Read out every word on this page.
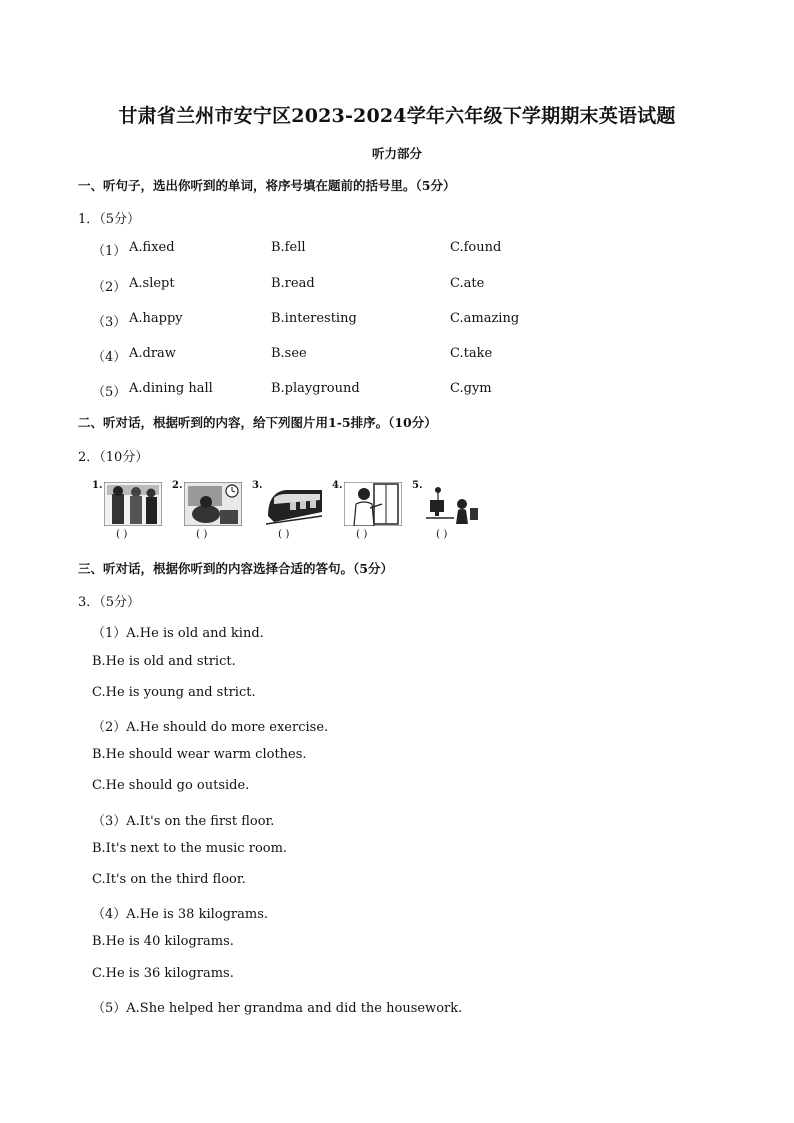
甘肃省兰州市安宁区2023-2024学年六年级下学期期末英语试题
听力部分
一、听句子，选出你听到的单词，将序号填在题前的括号里。（5分）
1．（5分）
（1） A.fixed	B.fell	C.found
（2） A.slept	B.read	C.ate
（3） A.happy	B.interesting	C.amazing
（4） A.draw	B.see	C.take
（5） A.dining hall	B.playground	C.gym
二、听对话，根据听到的内容，给下列图片用1-5排序。（10分）
2．（10分）
1.
( )
2.
( )
3.
( )
4.
( )
5.
( )
三、听对话，根据你听到的内容选择合适的答句。（5分）
3．（5分）
（1）A.He is old and kind.
B.He is old and strict.
C.He is young and strict.
（2）A.He should do more exercise.
B.He should wear warm clothes.
C.He should go outside.
（3）A.It's on the first floor.
B.It's next to the music room.
C.It's on the third floor.
（4）A.He is 38 kilograms.
B.He is 40 kilograms.
C.He is 36 kilograms.
（5）A.She helped her grandma and did the housework.
